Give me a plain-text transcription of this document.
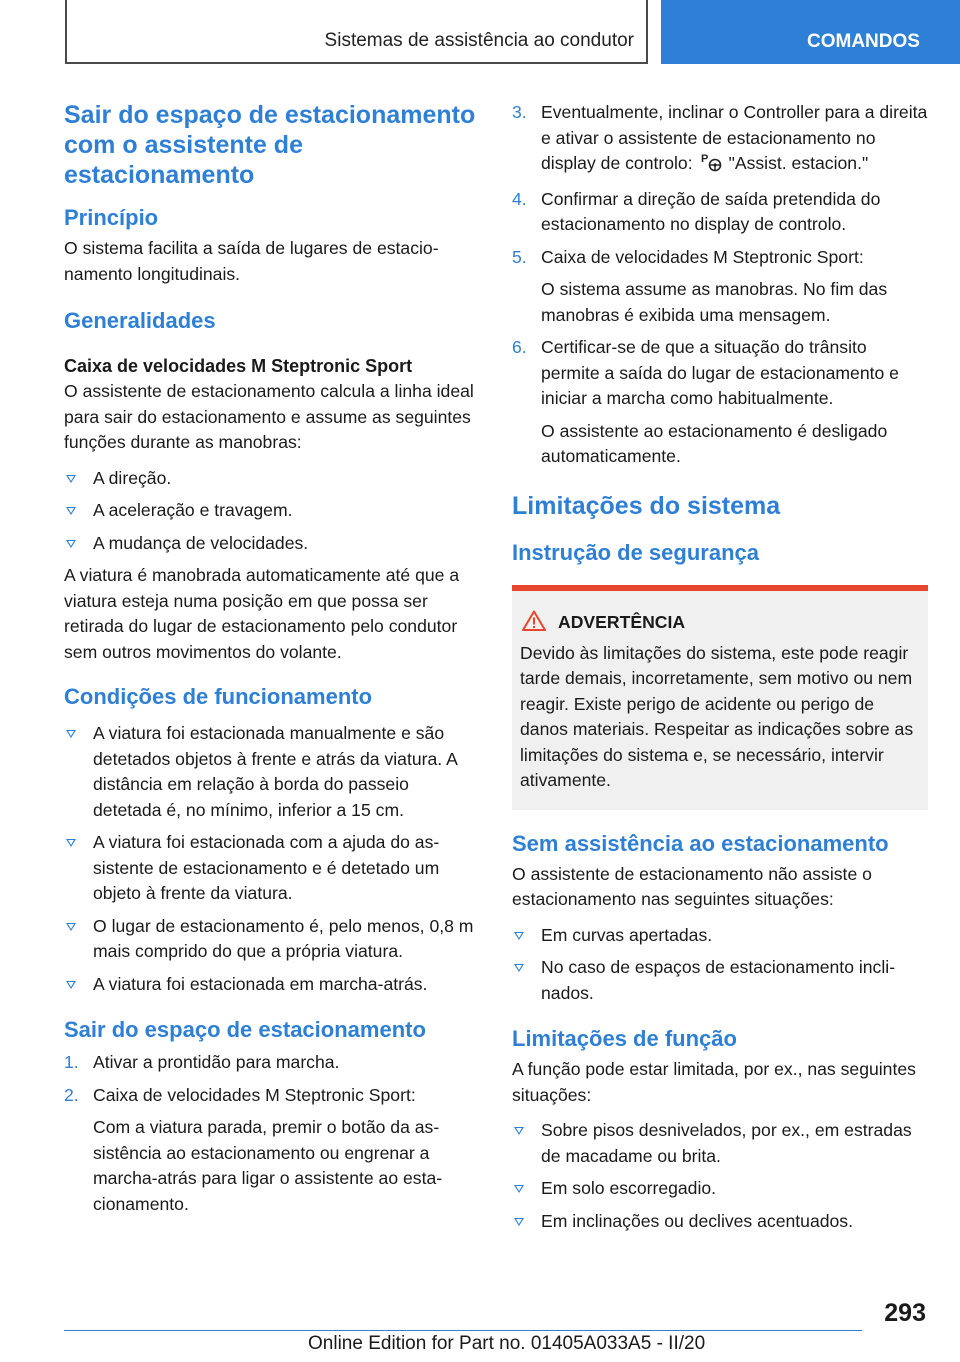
Sistemas de assistência ao condutor	COMANDOS
Sair do espaço de estacionamento com o assistente de estacionamento
Princípio

O sistema facilita a saída de lugares de estacionamento longitudinais.

Generalidades
Caixa de velocidades M Steptronic Sport

O assistente de estacionamento calcula a linha ideal para sair do estacionamento e assume as seguintes funções durante as manobras:

A direção.
A aceleração e travagem.
A mudança de velocidades.

A viatura é manobrada automaticamente até que a viatura esteja numa posição em que possa ser retirada do lugar de estacionamento pelo condutor sem outros movimentos do volante.

Condições de funcionamento
A viatura foi estacionada manualmente e são detetados objetos à frente e atrás da viatura. A distância em relação à borda do passeio detetada é, no mínimo, inferior a 15 cm.
A viatura foi estacionada com a ajuda do assistente de estacionamento e é detetado um objeto à frente da viatura.
O lugar de estacionamento é, pelo menos, 0,8 m mais comprido do que a própria viatura.
A viatura foi estacionada em marcha-atrás.
Sair do espaço de estacionamento
1. Ativar a prontidão para marcha.
2. Caixa de velocidades M Steptronic Sport:
Com a viatura parada, premir o botão da assistência ao estacionamento ou engrenar a marcha-atrás para ligar o assistente ao estacionamento.
3. Eventualmente, inclinar o Controller para a direita e ativar o assistente de estacionamento no display de controlo: P "Assist. estacion."
4. Confirmar a direção de saída pretendida do estacionamento no display de controlo.
5. Caixa de velocidades M Steptronic Sport:
O sistema assume as manobras. No fim das manobras é exibida uma mensagem.
6. Certificar-se de que a situação do trânsito permite a saída do lugar de estacionamento e iniciar a marcha como habitualmente.
O assistente ao estacionamento é desligado automaticamente.
Limitações do sistema
Instrução de segurança
ADVERTÊNCIA

Devido às limitações do sistema, este pode reagir tarde demais, incorretamente, sem motivo ou nem reagir. Existe perigo de acidente ou perigo de danos materiais. Respeitar as indicações sobre as limitações do sistema e, se necessário, intervir ativamente.

Sem assistência ao estacionamento

O assistente de estacionamento não assiste o estacionamento nas seguintes situações:

Em curvas apertadas.
No caso de espaços de estacionamento inclinados.
Limitações de função

A função pode estar limitada, por ex., nas seguintes situações:

Sobre pisos desnivelados, por ex., em estradas de macadame ou brita.
Em solo escorregadio.
Em inclinações ou declives acentuados.
293
Online Edition for Part no. 01405A033A5 - II/20
